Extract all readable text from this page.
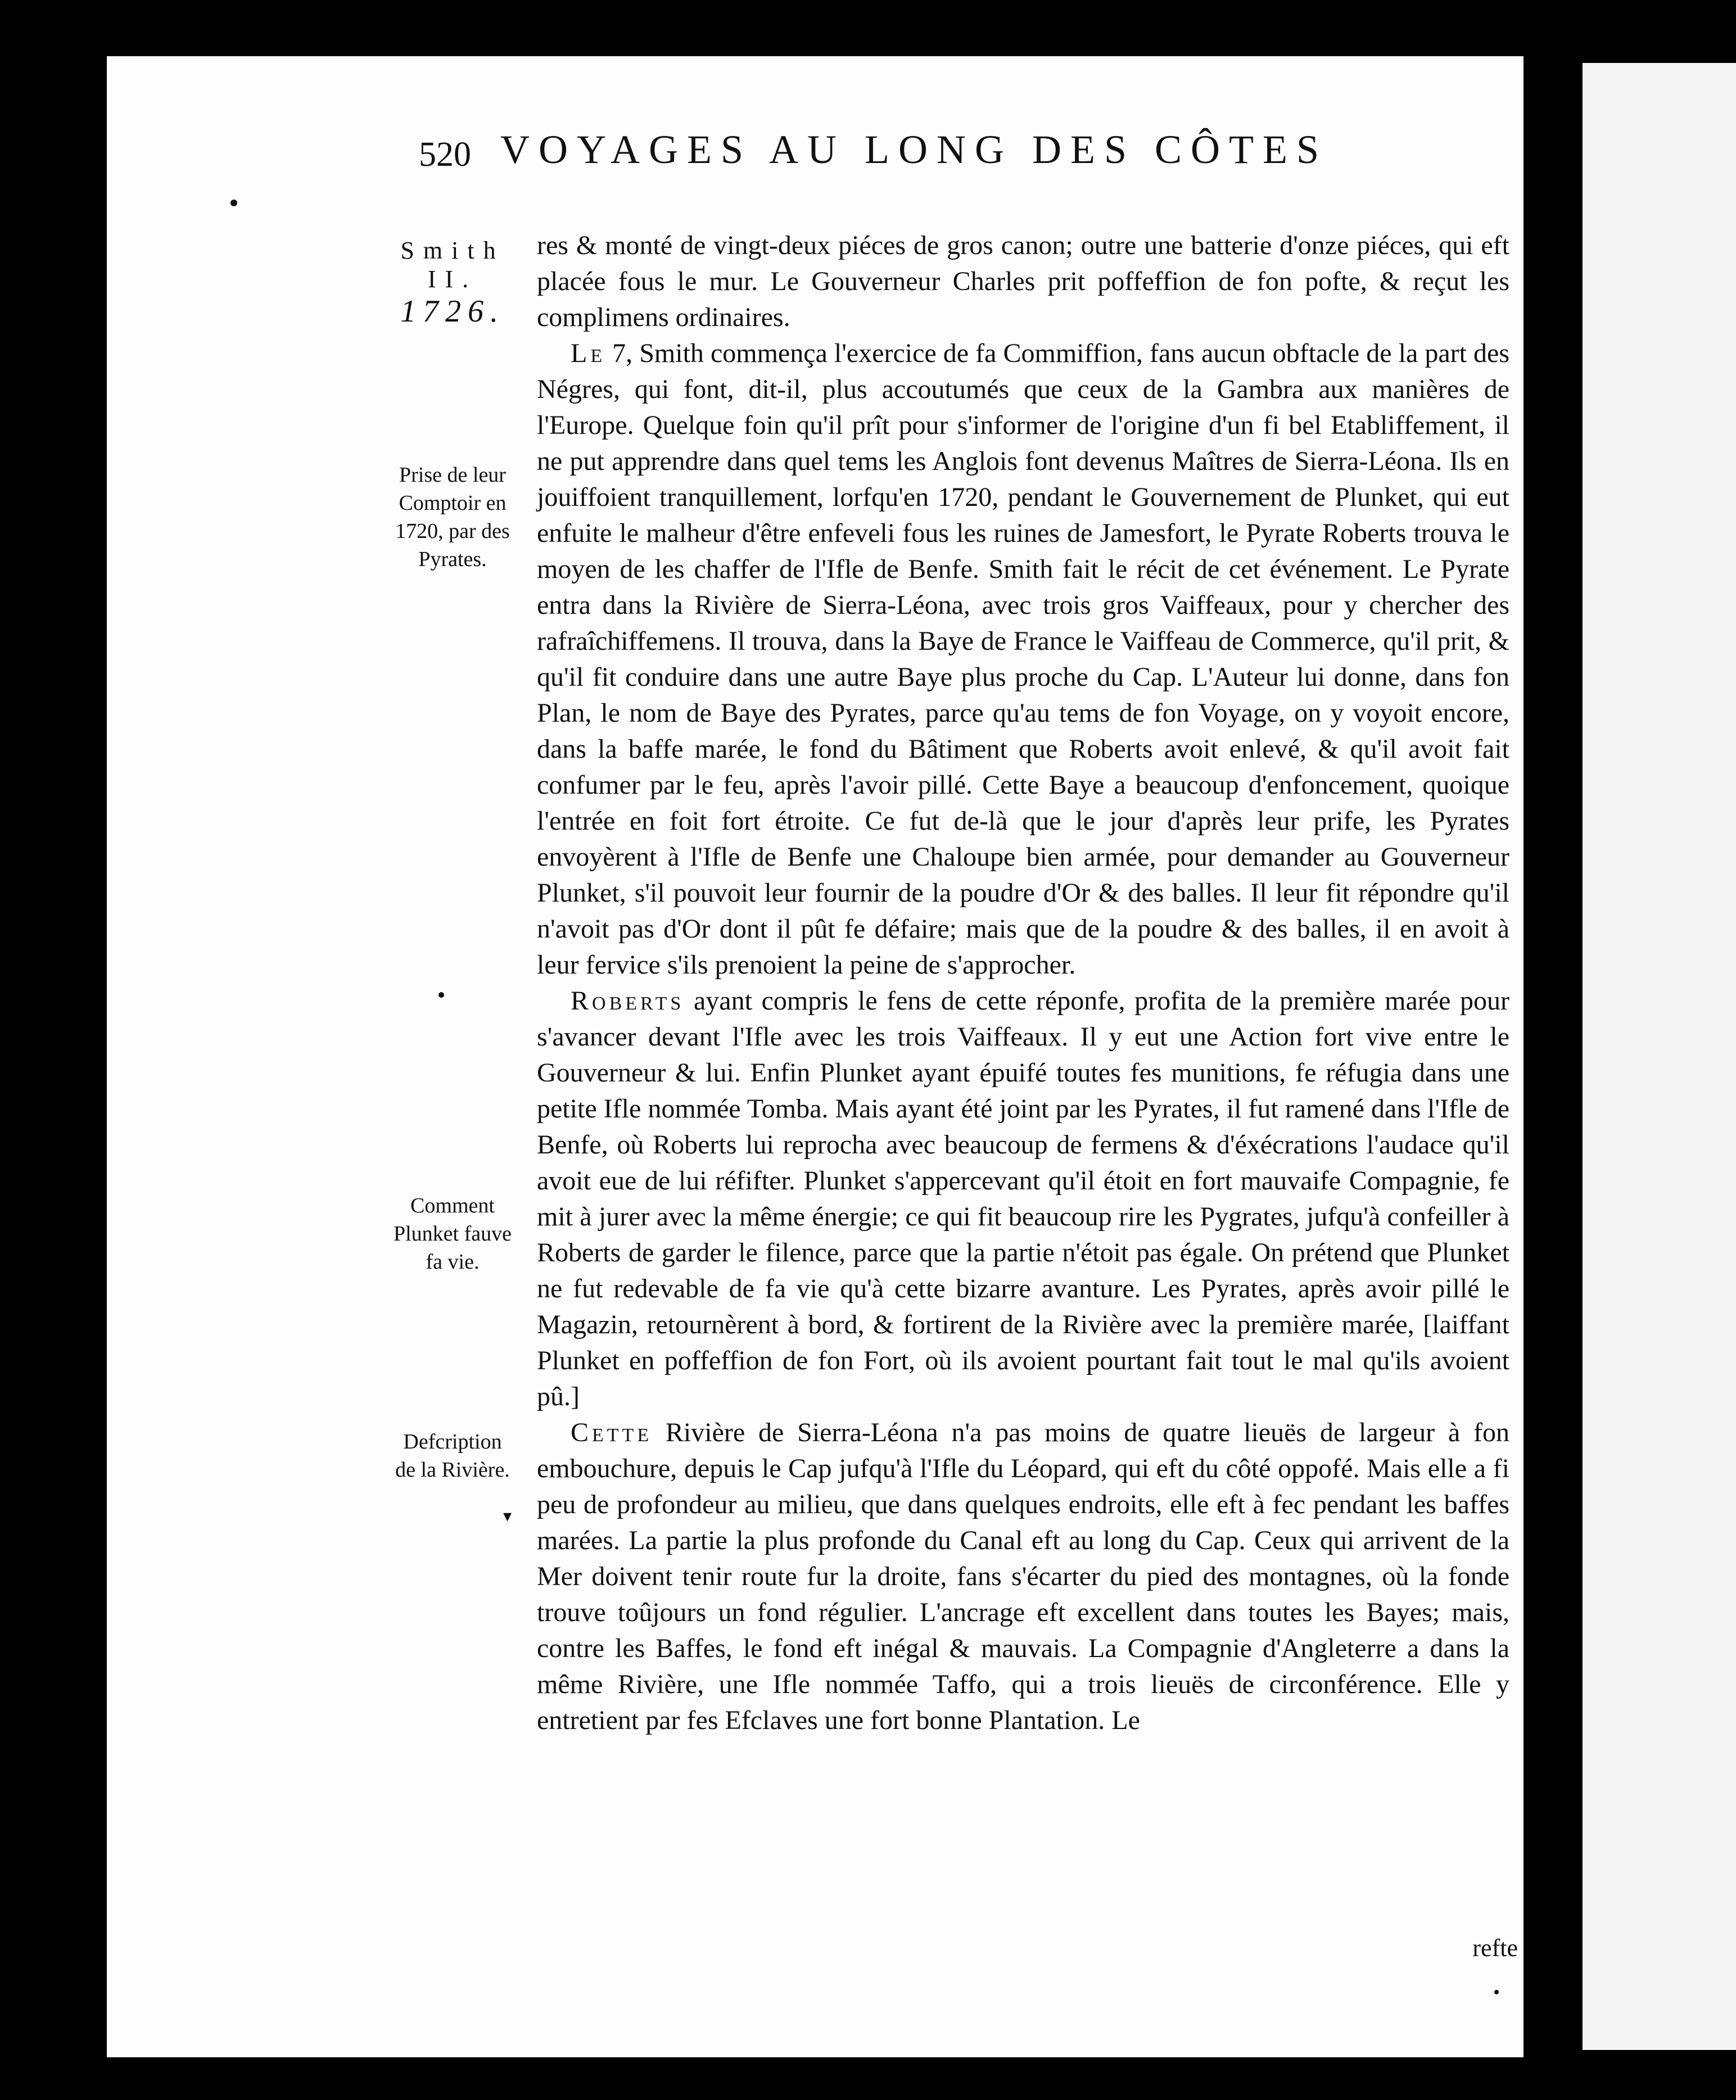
▾
520 VOYAGES AU LONG DES CÔTES
Smith II.
1726.
Prise de leur
Comptoir en
1720, par des
Pyrates.
Comment
Plunket fauve
fa vie.
Defcription
de la Rivière.

res & monté de vingt-deux piéces de gros canon; outre une batterie d'onze piéces, qui eft placée fous le mur. Le Gouverneur Charles prit poffeffion de fon pofte, & reçut les complimens ordinaires.

Le 7, Smith commença l'exercice de fa Commiffion, fans aucun obftacle de la part des Négres, qui font, dit-il, plus accoutumés que ceux de la Gambra aux manières de l'Europe. Quelque foin qu'il prît pour s'informer de l'origine d'un fi bel Etabliffement, il ne put apprendre dans quel tems les Anglois font devenus Maîtres de Sierra-Léona. Ils en jouiffoient tranquillement, lorfqu'en 1720, pendant le Gouvernement de Plunket, qui eut enfuite le malheur d'être enfeveli fous les ruines de Jamesfort, le Pyrate Roberts trouva le moyen de les chaffer de l'Ifle de Benfe. Smith fait le récit de cet événement. Le Pyrate entra dans la Rivière de Sierra-Léona, avec trois gros Vaiffeaux, pour y chercher des rafraîchiffemens. Il trouva, dans la Baye de France le Vaiffeau de Commerce, qu'il prit, & qu'il fit conduire dans une autre Baye plus proche du Cap. L'Auteur lui donne, dans fon Plan, le nom de Baye des Pyrates, parce qu'au tems de fon Voyage, on y voyoit encore, dans la baffe marée, le fond du Bâtiment que Roberts avoit enlevé, & qu'il avoit fait confumer par le feu, après l'avoir pillé. Cette Baye a beaucoup d'enfoncement, quoique l'entrée en foit fort étroite. Ce fut de-là que le jour d'après leur prife, les Pyrates envoyèrent à l'Ifle de Benfe une Chaloupe bien armée, pour demander au Gouverneur Plunket, s'il pouvoit leur fournir de la poudre d'Or & des balles. Il leur fit répondre qu'il n'avoit pas d'Or dont il pût fe défaire; mais que de la poudre & des balles, il en avoit à leur fervice s'ils prenoient la peine de s'approcher.

Roberts ayant compris le fens de cette réponfe, profita de la première marée pour s'avancer devant l'Ifle avec les trois Vaiffeaux. Il y eut une Action fort vive entre le Gouverneur & lui. Enfin Plunket ayant épuifé toutes fes munitions, fe réfugia dans une petite Ifle nommée Tomba. Mais ayant été joint par les Pyrates, il fut ramené dans l'Ifle de Benfe, où Roberts lui reprocha avec beaucoup de fermens & d'éxécrations l'audace qu'il avoit eue de lui réfifter. Plunket s'appercevant qu'il étoit en fort mauvaife Compagnie, fe mit à jurer avec la même énergie; ce qui fit beaucoup rire les Pygrates, jufqu'à confeiller à Roberts de garder le filence, parce que la partie n'étoit pas égale. On prétend que Plunket ne fut redevable de fa vie qu'à cette bizarre avanture. Les Pyrates, après avoir pillé le Magazin, retournèrent à bord, & fortirent de la Rivière avec la première marée, [laiffant Plunket en poffeffion de fon Fort, où ils avoient pourtant fait tout le mal qu'ils avoient pû.]

Cette Rivière de Sierra-Léona n'a pas moins de quatre lieuës de largeur à fon embouchure, depuis le Cap jufqu'à l'Ifle du Léopard, qui eft du côté oppofé. Mais elle a fi peu de profondeur au milieu, que dans quelques endroits, elle eft à fec pendant les baffes marées. La partie la plus profonde du Canal eft au long du Cap. Ceux qui arrivent de la Mer doivent tenir route fur la droite, fans s'écarter du pied des montagnes, où la fonde trouve toûjours un fond régulier. L'ancrage eft excellent dans toutes les Bayes; mais, contre les Baffes, le fond eft inégal & mauvais. La Compagnie d'Angleterre a dans la même Rivière, une Ifle nommée Taffo, qui a trois lieuës de circonférence. Elle y entretient par fes Efclaves une fort bonne Plantation. Le

refte
